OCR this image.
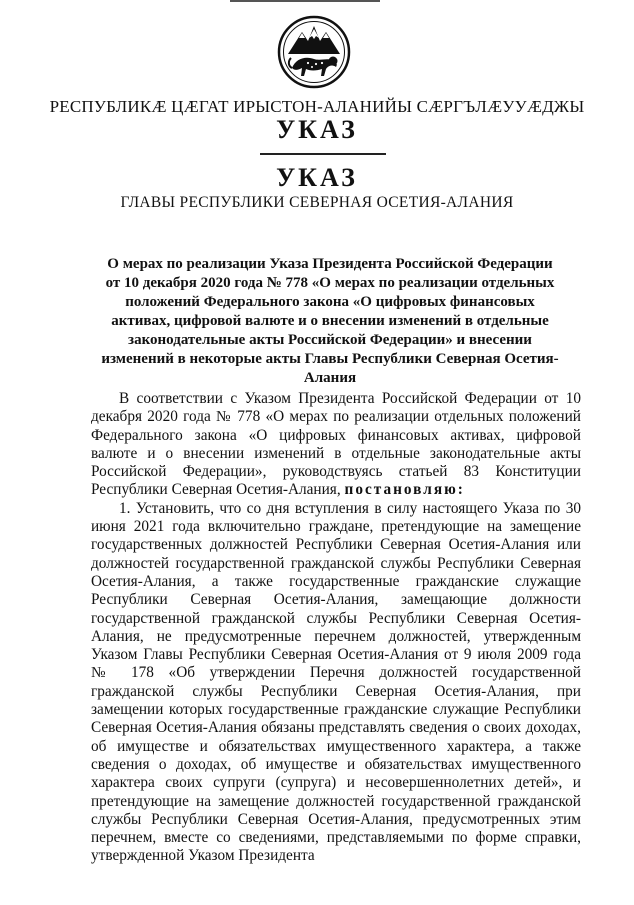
РЕСПУБЛИКӔ ЦӔГАТ ИРЫСТОН-АЛАНИЙЫ СӔРГЪЛӔУУӔДЖЫ
УКАЗ
УКАЗ
ГЛАВЫ РЕСПУБЛИКИ СЕВЕРНАЯ ОСЕТИЯ-АЛАНИЯ
О мерах по реализации Указа Президента Российской Федерации от 10 декабря 2020 года № 778 «О мерах по реализации отдельных положений Федерального закона «О цифровых финансовых активах, цифровой валюте и о внесении изменений в отдельные законодательные акты Российской Федерации» и внесении изменений в некоторые акты Главы Республики Северная Осетия-Алания

В соответствии с Указом Президента Российской Федерации от 10 декабря 2020 года № 778 «О мерах по реализации отдельных положений Федерального закона «О цифровых финансовых активах, цифровой валюте и о внесении изменений в отдельные законодательные акты Российской Федерации», руководствуясь статьей 83 Конституции Республики Северная Осетия-Алания, постановляю:

1. Установить, что со дня вступления в силу настоящего Указа по 30 июня 2021 года включительно граждане, претендующие на замещение государственных должностей Республики Северная Осетия-Алания или должностей государственной гражданской службы Республики Северная Осетия-Алания, а также государственные гражданские служащие Республики Северная Осетия-Алания, замещающие должности государственной гражданской службы Республики Северная Осетия-Алания, не предусмотренные перечнем должностей, утвержденным Указом Главы Республики Северная Осетия-Алания от 9 июля 2009 года № 178 «Об утверждении Перечня должностей государственной гражданской службы Республики Северная Осетия-Алания, при замещении которых государственные гражданские служащие Республики Северная Осетия-Алания обязаны представлять сведения о своих доходах, об имуществе и обязательствах имущественного характера, а также сведения о доходах, об имуществе и обязательствах имущественного характера своих супруги (супруга) и несовершеннолетних детей», и претендующие на замещение должностей государственной гражданской службы Республики Северная Осетия-Алания, предусмотренных этим перечнем, вместе со сведениями, представляемыми по форме справки, утвержденной Указом Президента
